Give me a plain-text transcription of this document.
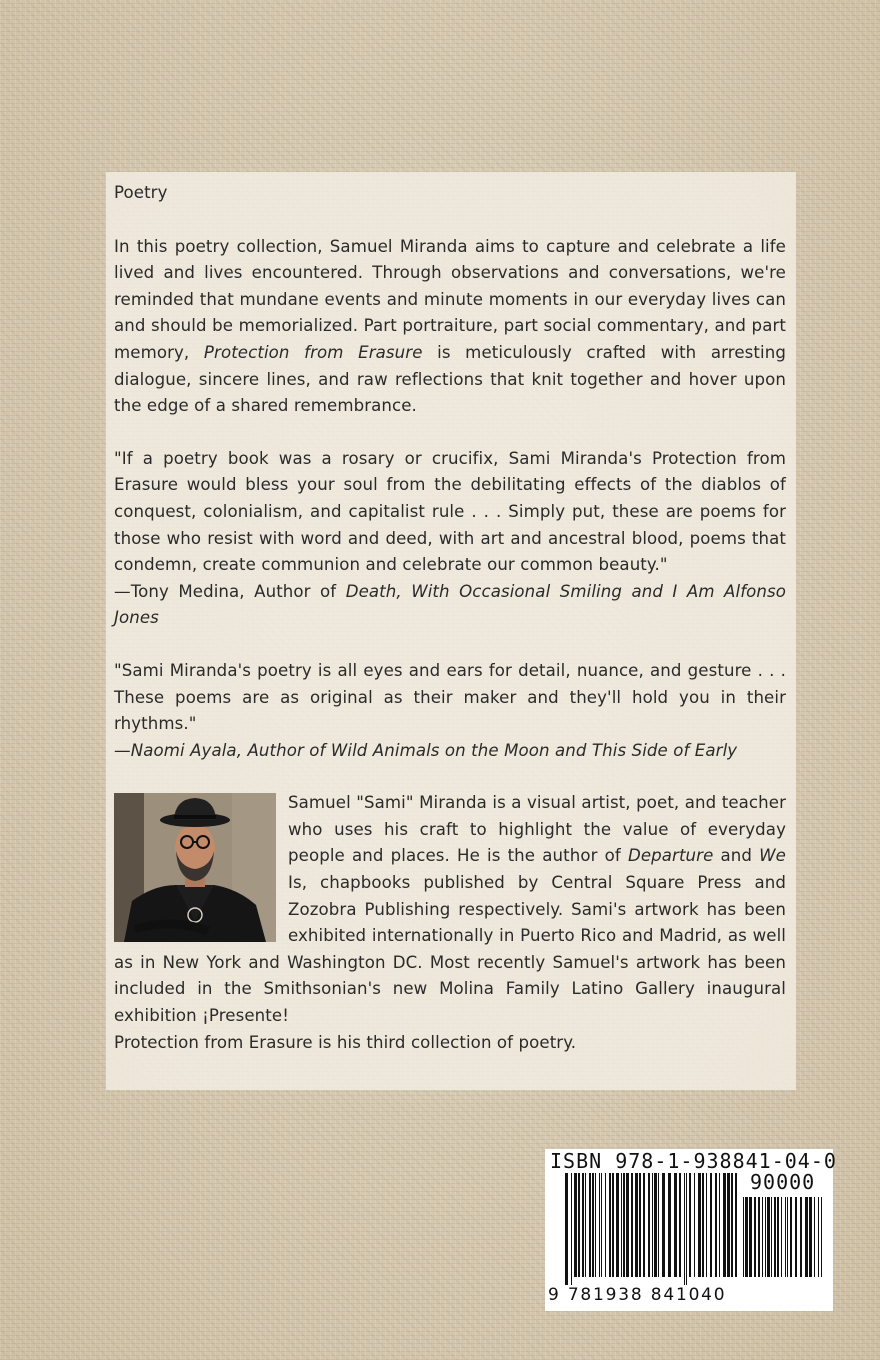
Poetry

In this poetry collection, Samuel Miranda aims to capture and celebrate a life lived and lives encountered. Through observations and conversations, we're reminded that mundane events and minute moments in our everyday lives can and should be memorialized. Part portraiture, part social commentary, and part memory, Protection from Erasure is meticulously crafted with arresting dialogue, sincere lines, and raw reflections that knit together and hover upon the edge of a shared remembrance.

"If a poetry book was a rosary or crucifix, Sami Miranda's Protection from Erasure would bless your soul from the debilitating effects of the diablos of conquest, colonialism, and capitalist rule . . . Simply put, these are poems for those who resist with word and deed, with art and ancestral blood, poems that condemn, create communion and celebrate our common beauty."

—Tony Medina, Author of Death, With Occasional Smiling and I Am Alfonso Jones

"Sami Miranda's poetry is all eyes and ears for detail, nuance, and gesture . . . These poems are as original as their maker and they'll hold you in their rhythms."

—Naomi Ayala, Author of Wild Animals on the Moon and This Side of Early

Samuel "Sami" Miranda is a visual artist, poet, and teacher who uses his craft to highlight the value of everyday people and places. He is the author of Departure and We Is, chapbooks published by Central Square Press and Zozobra Publishing respectively. Sami's artwork has been exhibited internationally in Puerto Rico and Madrid, as well as in New York and Washington DC. Most recently Samuel's artwork has been included in the Smithsonian's new Molina Family Latino Gallery inaugural exhibition ¡Presente!

Protection from Erasure is his third collection of poetry.

ISBN 978-1-938841-04-0
90000
9 781938 841040
